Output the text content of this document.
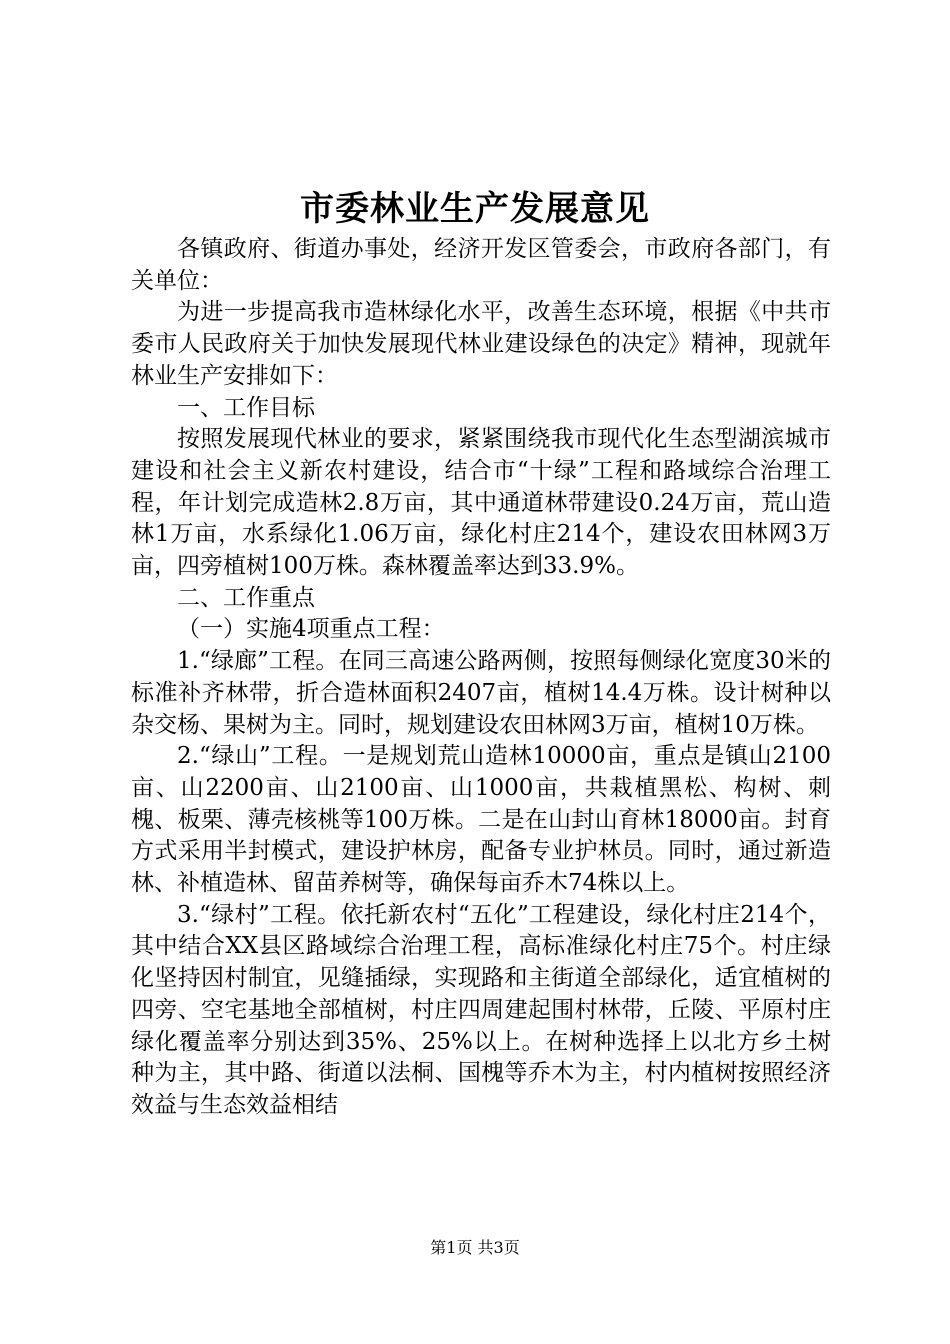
市委林业生产发展意见

各镇政府、街道办事处，经济开发区管委会，市政府各部门，有关单位：

为进一步提高我市造林绿化水平，改善生态环境，根据《中共市委市人民政府关于加快发展现代林业建设绿色的决定》精神，现就年林业生产安排如下：

一、工作目标

按照发展现代林业的要求，紧紧围绕我市现代化生态型湖滨城市建设和社会主义新农村建设，结合市“十绿”工程和路域综合治理工程，年计划完成造林2.8万亩，其中通道林带建设0.24万亩，荒山造林1万亩，水系绿化1.06万亩，绿化村庄214个，建设农田林网3万亩，四旁植树100万株。森林覆盖率达到33.9%。

二、工作重点

（一）实施4项重点工程：

1.“绿廊”工程。在同三高速公路两侧，按照每侧绿化宽度30米的标准补齐林带，折合造林面积2407亩，植树14.4万株。设计树种以杂交杨、果树为主。同时，规划建设农田林网3万亩，植树10万株。

2.“绿山”工程。一是规划荒山造林10000亩，重点是镇山2100亩、山2200亩、山2100亩、山1000亩，共栽植黑松、构树、刺槐、板栗、薄壳核桃等100万株。二是在山封山育林18000亩。封育方式采用半封模式，建设护林房，配备专业护林员。同时，通过新造林、补植造林、留苗养树等，确保每亩乔木74株以上。

3.“绿村”工程。依托新农村“五化”工程建设，绿化村庄214个，其中结合XX县区路域综合治理工程，高标准绿化村庄75个。村庄绿化坚持因村制宜，见缝插绿，实现路和主街道全部绿化，适宜植树的四旁、空宅基地全部植树，村庄四周建起围村林带，丘陵、平原村庄绿化覆盖率分别达到35%、25%以上。在树种选择上以北方乡土树种为主，其中路、街道以法桐、国槐等乔木为主，村内植树按照经济效益与生态效益相结

第1页 共3页
